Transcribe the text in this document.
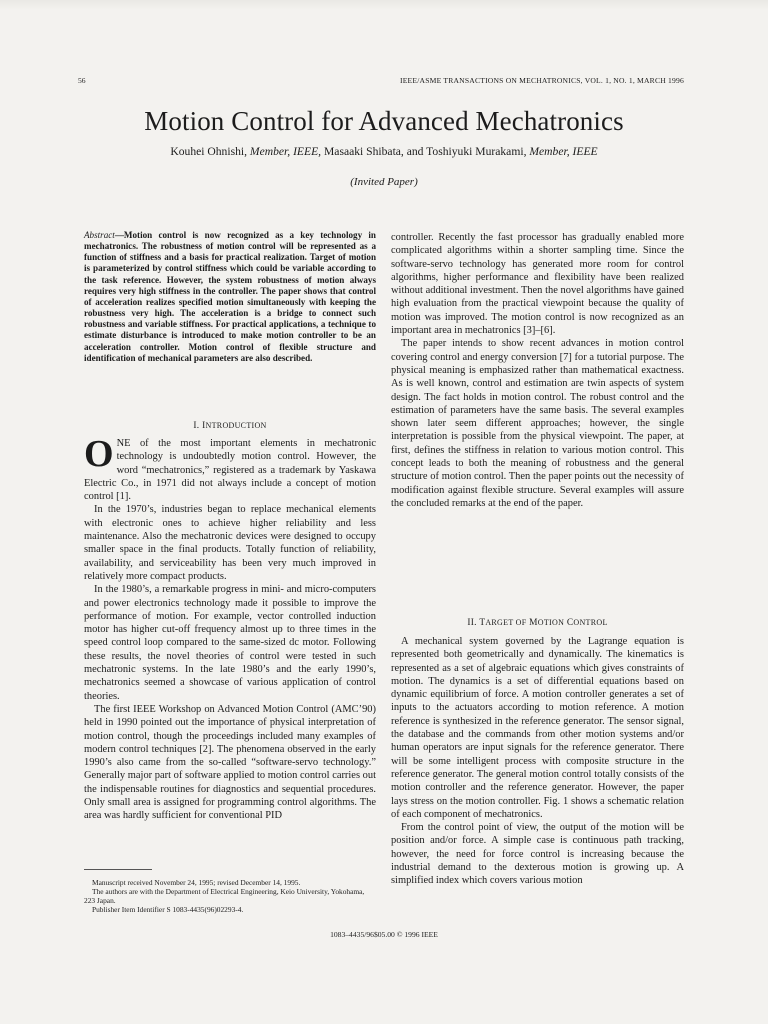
56	IEEE/ASME TRANSACTIONS ON MECHATRONICS, VOL. 1, NO. 1, MARCH 1996
Motion Control for Advanced Mechatronics
Kouhei Ohnishi, Member, IEEE, Masaaki Shibata, and Toshiyuki Murakami, Member, IEEE
(Invited Paper)

Abstract—Motion control is now recognized as a key technology in mechatronics. The robustness of motion control will be represented as a function of stiffness and a basis for practical realization. Target of motion is parameterized by control stiffness which could be variable according to the task reference. However, the system robustness of motion always requires very high stiffness in the controller. The paper shows that control of acceleration realizes specified motion simultaneously with keeping the robustness very high. The acceleration is a bridge to connect such robustness and variable stiffness. For practical applications, a technique to estimate disturbance is introduced to make motion controller to be an acceleration controller. Motion control of flexible structure and identification of mechanical parameters are also described.

I. INTRODUCTION

ONE of the most important elements in mechatronic technology is undoubtedly motion control. However, the word “mechatronics,” registered as a trademark by Yaskawa Electric Co., in 1971 did not always include a concept of motion control [1].

In the 1970’s, industries began to replace mechanical elements with electronic ones to achieve higher reliability and less maintenance. Also the mechatronic devices were designed to occupy smaller space in the final products. Totally function of reliability, availability, and serviceability has been very much improved in relatively more compact products.

In the 1980’s, a remarkable progress in mini- and micro-computers and power electronics technology made it possible to improve the performance of motion. For example, vector controlled induction motor has higher cut-off frequency almost up to three times in the speed control loop compared to the same-sized dc motor. Following these results, the novel theories of control were tested in such mechatronic systems. In the late 1980’s and the early 1990’s, mechatronics seemed a showcase of various application of control theories.

The first IEEE Workshop on Advanced Motion Control (AMC’90) held in 1990 pointed out the importance of physical interpretation of motion control, though the proceedings included many examples of modern control techniques [2]. The phenomena observed in the early 1990’s also came from the so-called “software-servo technology.” Generally major part of software applied to motion control carries out the indispensable routines for diagnostics and sequential procedures. Only small area is assigned for programming control algorithms. The area was hardly sufficient for conventional PID

Manuscript received November 24, 1995; revised December 14, 1995.

The authors are with the Department of Electrical Engineering, Keio University, Yokohama, 223 Japan.

Publisher Item Identifier S 1083-4435(96)02293-4.

controller. Recently the fast processor has gradually enabled more complicated algorithms within a shorter sampling time. Since the software-servo technology has generated more room for control algorithms, higher performance and flexibility have been realized without additional investment. Then the novel algorithms have gained high evaluation from the practical viewpoint because the quality of motion was improved. The motion control is now recognized as an important area in mechatronics [3]–[6].

The paper intends to show recent advances in motion control covering control and energy conversion [7] for a tutorial purpose. The physical meaning is emphasized rather than mathematical exactness. As is well known, control and estimation are twin aspects of system design. The fact holds in motion control. The robust control and the estimation of parameters have the same basis. The several examples shown later seem different approaches; however, the single interpretation is possible from the physical viewpoint. The paper, at first, defines the stiffness in relation to various motion control. This concept leads to both the meaning of robustness and the general structure of motion control. Then the paper points out the necessity of modification against flexible structure. Several examples will assure the concluded remarks at the end of the paper.

II. TARGET OF MOTION CONTROL

A mechanical system governed by the Lagrange equation is represented both geometrically and dynamically. The kinematics is represented as a set of algebraic equations which gives constraints of motion. The dynamics is a set of differential equations based on dynamic equilibrium of force. A motion controller generates a set of inputs to the actuators according to motion reference. A motion reference is synthesized in the reference generator. The sensor signal, the database and the commands from other motion systems and/or human operators are input signals for the reference generator. There will be some intelligent process with composite structure in the reference generator. The general motion control totally consists of the motion controller and the reference generator. However, the paper lays stress on the motion controller. Fig. 1 shows a schematic relation of each component of mechatronics.

From the control point of view, the output of the motion will be position and/or force. A simple case is continuous path tracking, however, the need for force control is increasing because the industrial demand to the dexterous motion is growing up. A simplified index which covers various motion

1083–4435/96$05.00 © 1996 IEEE
